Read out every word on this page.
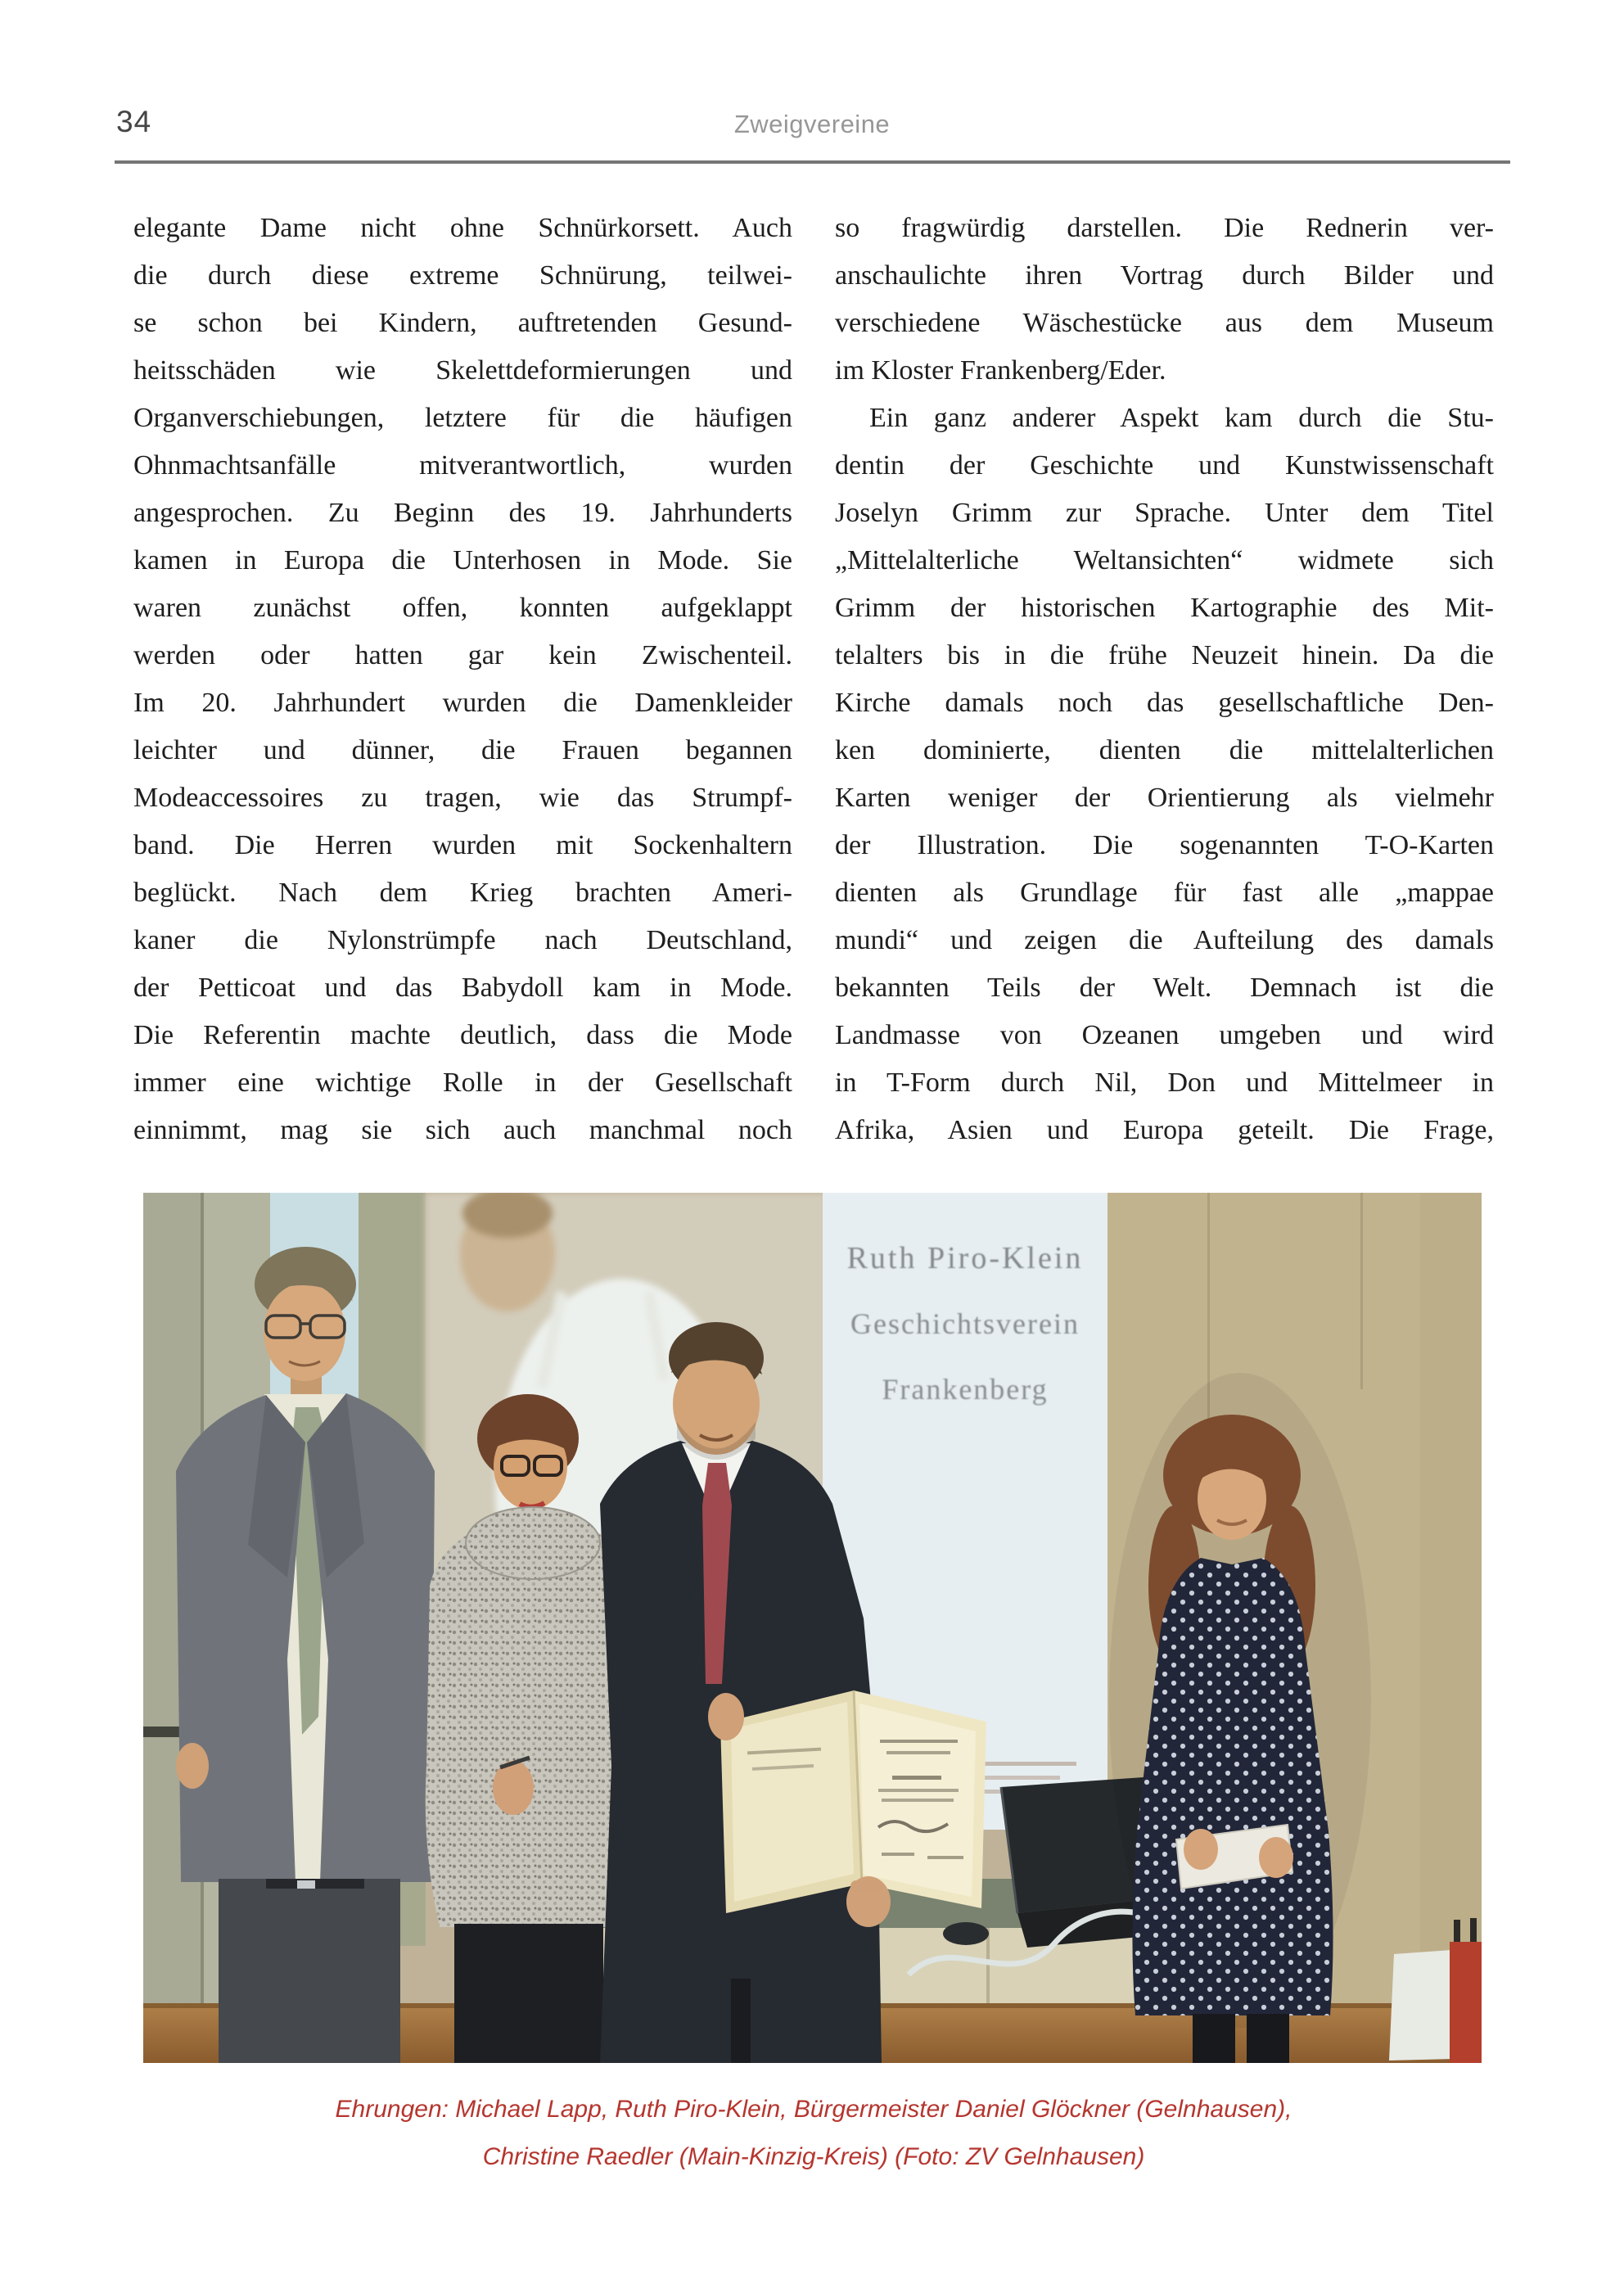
34	Zweigvereine
elegante Dame nicht ohne Schnürkorsett. Auch
die durch diese extreme Schnürung, teilwei-
se schon bei Kindern, auftretenden Gesund-
heitsschäden wie Skelettdeformierungen und
Organverschiebungen, letztere für die häufigen
Ohnmachtsanfälle mitverantwortlich, wurden
angesprochen. Zu Beginn des 19. Jahrhunderts
kamen in Europa die Unterhosen in Mode. Sie
waren zunächst offen, konnten aufgeklappt
werden oder hatten gar kein Zwischenteil.
Im 20. Jahrhundert wurden die Damenkleider
leichter und dünner, die Frauen begannen
Modeaccessoires zu tragen, wie das Strumpf-
band. Die Herren wurden mit Sockenhaltern
beglückt. Nach dem Krieg brachten Ameri-
kaner die Nylonstrümpfe nach Deutschland,
der Petticoat und das Babydoll kam in Mode.
Die Referentin machte deutlich, dass die Mode
immer eine wichtige Rolle in der Gesellschaft
einnimmt, mag sie sich auch manchmal noch
so fragwürdig darstellen. Die Rednerin ver-
anschaulichte ihren Vortrag durch Bilder und
verschiedene Wäschestücke aus dem Museum
im Kloster Frankenberg/Eder.
Ein ganz anderer Aspekt kam durch die Stu-
dentin der Geschichte und Kunstwissenschaft
Joselyn Grimm zur Sprache. Unter dem Titel
„Mittelalterliche Weltansichten“ widmete sich
Grimm der historischen Kartographie des Mit-
telalters bis in die frühe Neuzeit hinein. Da die
Kirche damals noch das gesellschaftliche Den-
ken dominierte, dienten die mittelalterlichen
Karten weniger der Orientierung als vielmehr
der Illustration. Die sogenannten T-O-Karten
dienten als Grundlage für fast alle „mappae
mundi“ und zeigen die Aufteilung des damals
bekannten Teils der Welt. Demnach ist die
Landmasse von Ozeanen umgeben und wird
in T-Form durch Nil, Don und Mittelmeer in
Afrika, Asien und Europa geteilt. Die Frage,
Ruth Piro-Klein
Geschichtsverein
Frankenberg
Ehrungen: Michael Lapp, Ruth Piro-Klein, Bürgermeister Daniel Glöckner (Gelnhausen),
Christine Raedler (Main-Kinzig-Kreis) (Foto: ZV Gelnhausen)
